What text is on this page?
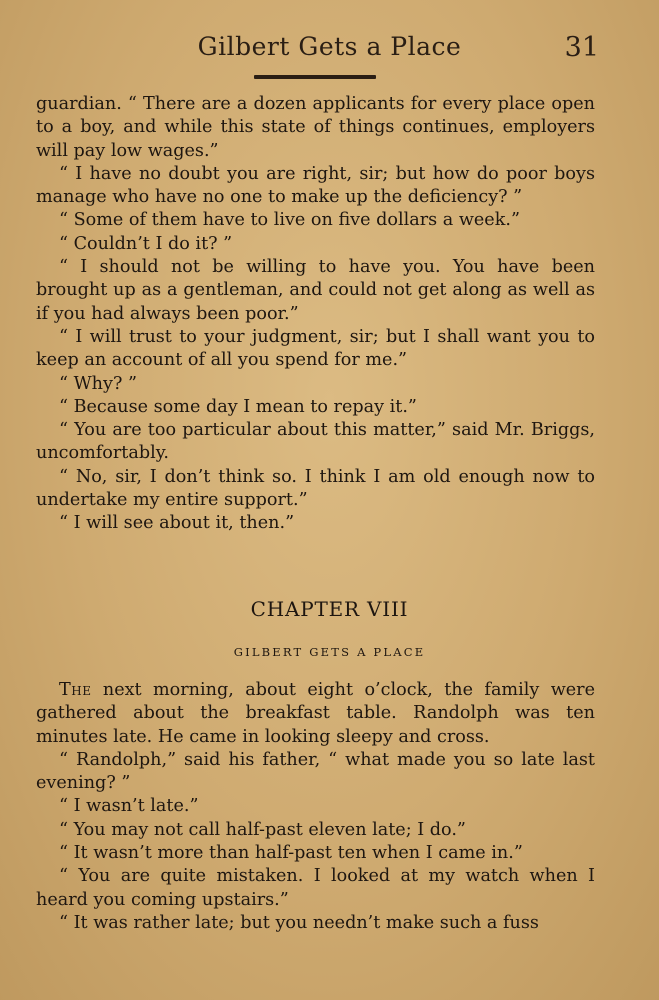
Gilbert Gets a Place	31

guardian. “ There are a dozen applicants for every place open to a boy, and while this state of things continues, employers will pay low wages.”

“ I have no doubt you are right, sir; but how do poor boys manage who have no one to make up the deficiency? ”

“ Some of them have to live on five dollars a week.”

“ Couldn’t I do it? ”

“ I should not be willing to have you. You have been brought up as a gentleman, and could not get along as well as if you had always been poor.”

“ I will trust to your judgment, sir; but I shall want you to keep an account of all you spend for me.”

“ Why? ”

“ Because some day I mean to repay it.”

“ You are too particular about this matter,” said Mr. Briggs, uncomfortably.

“ No, sir, I don’t think so. I think I am old enough now to undertake my entire support.”

“ I will see about it, then.”

CHAPTER VIII
GILBERT GETS A PLACE

The next morning, about eight o’clock, the family were gathered about the breakfast table. Randolph was ten minutes late. He came in looking sleepy and cross.

“ Randolph,” said his father, “ what made you so late last evening? ”

“ I wasn’t late.”

“ You may not call half-past eleven late; I do.”

“ It wasn’t more than half-past ten when I came in.”

“ You are quite mistaken. I looked at my watch when I heard you coming upstairs.”

“ It was rather late; but you needn’t make such a fuss
